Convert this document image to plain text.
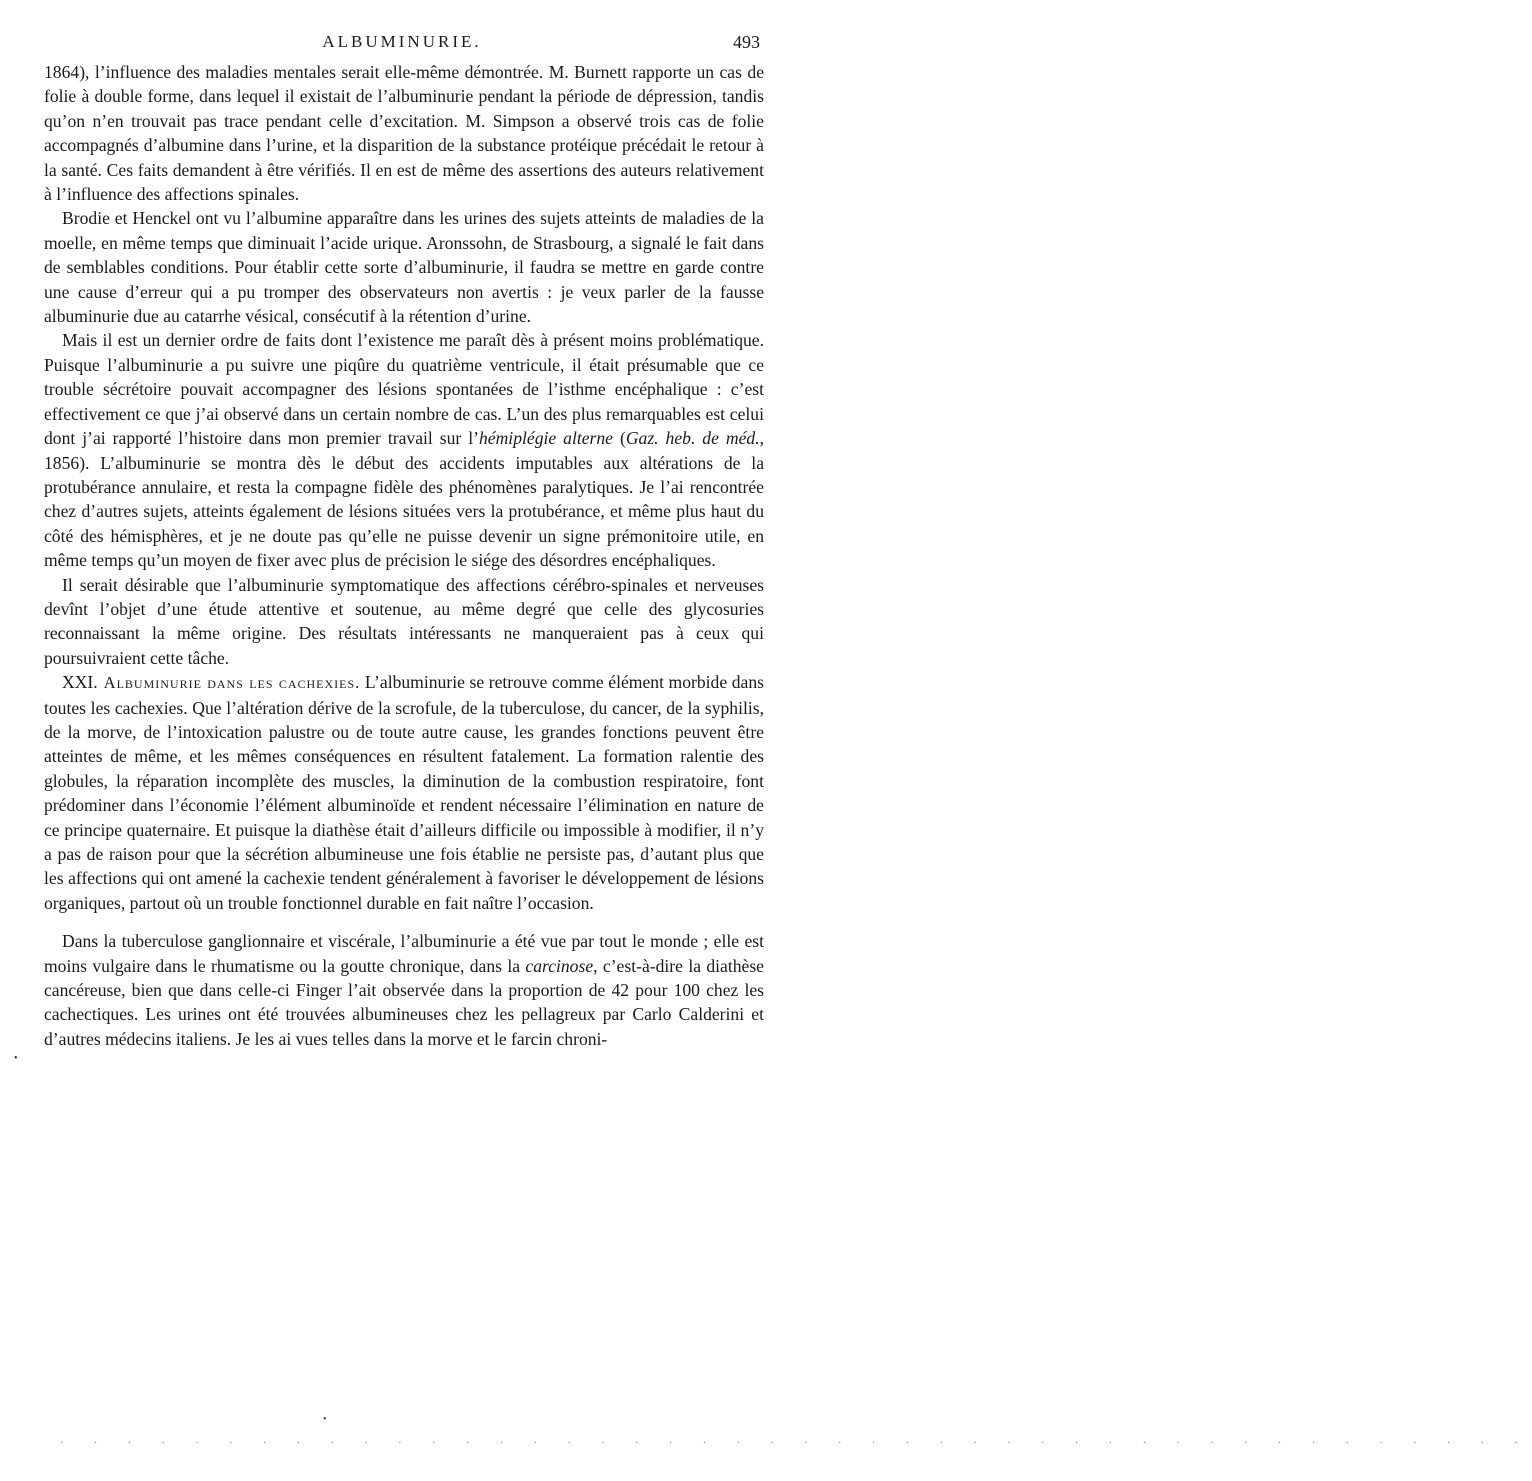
ALBUMINURIE.	493

1864), l’influence des maladies mentales serait elle-même démontrée. M. Burnett rapporte un cas de folie à double forme, dans lequel il existait de l’albuminurie pendant la période de dépression, tandis qu’on n’en trouvait pas trace pendant celle d’excitation. M. Simpson a observé trois cas de folie accompagnés d’albumine dans l’urine, et la disparition de la substance protéique précédait le retour à la santé. Ces faits demandent à être vérifiés. Il en est de même des assertions des auteurs relativement à l’influence des affections spinales.

Brodie et Henckel ont vu l’albumine apparaître dans les urines des sujets atteints de maladies de la moelle, en même temps que diminuait l’acide urique. Aronssohn, de Strasbourg, a signalé le fait dans de semblables conditions. Pour établir cette sorte d’albuminurie, il faudra se mettre en garde contre une cause d’erreur qui a pu tromper des observateurs non avertis : je veux parler de la fausse albuminurie due au catarrhe vésical, consécutif à la rétention d’urine.

Mais il est un dernier ordre de faits dont l’existence me paraît dès à présent moins problématique. Puisque l’albuminurie a pu suivre une piqûre du quatrième ventricule, il était présumable que ce trouble sécrétoire pouvait accompagner des lésions spontanées de l’isthme encéphalique : c’est effectivement ce que j’ai observé dans un certain nombre de cas. L’un des plus remarquables est celui dont j’ai rapporté l’histoire dans mon premier travail sur l’hémiplégie alterne (Gaz. heb. de méd., 1856). L’albuminurie se montra dès le début des accidents imputables aux altérations de la protubérance annulaire, et resta la compagne fidèle des phénomènes paralytiques. Je l’ai rencontrée chez d’autres sujets, atteints également de lésions situées vers la protubérance, et même plus haut du côté des hémisphères, et je ne doute pas qu’elle ne puisse devenir un signe prémonitoire utile, en même temps qu’un moyen de fixer avec plus de précision le siége des désordres encéphaliques.

Il serait désirable que l’albuminurie symptomatique des affections cérébro-spinales et nerveuses devînt l’objet d’une étude attentive et soutenue, au même degré que celle des glycosuries reconnaissant la même origine. Des résultats intéressants ne manqueraient pas à ceux qui poursuivraient cette tâche.

XXI. Albuminurie dans les cachexies. L’albuminurie se retrouve comme élément morbide dans toutes les cachexies. Que l’altération dérive de la scrofule, de la tuberculose, du cancer, de la syphilis, de la morve, de l’intoxication palustre ou de toute autre cause, les grandes fonctions peuvent être atteintes de même, et les mêmes conséquences en résultent fatalement. La formation ralentie des globules, la réparation incomplète des muscles, la diminution de la combustion respiratoire, font prédominer dans l’économie l’élément albuminoïde et rendent nécessaire l’élimination en nature de ce principe quaternaire. Et puisque la diathèse était d’ailleurs difficile ou impossible à modifier, il n’y a pas de raison pour que la sécrétion albumineuse une fois établie ne persiste pas, d’autant plus que les affections qui ont amené la cachexie tendent généralement à favoriser le développement de lésions organiques, partout où un trouble fonctionnel durable en fait naître l’occasion.

Dans la tuberculose ganglionnaire et viscérale, l’albuminurie a été vue par tout le monde ; elle est moins vulgaire dans le rhumatisme ou la goutte chronique, dans la carcinose, c’est-à-dire la diathèse cancéreuse, bien que dans celle-ci Finger l’ait observée dans la proportion de 42 pour 100 chez les cachectiques. Les urines ont été trouvées albumineuses chez les pellagreux par Carlo Calderini et d’autres médecins italiens. Je les ai vues telles dans la morve et le farcin chroni-

•
•
· · · · · · · · · · · · · · · · · · · · · · · · · · · · · · · · · · · · · · · · · · · ·
